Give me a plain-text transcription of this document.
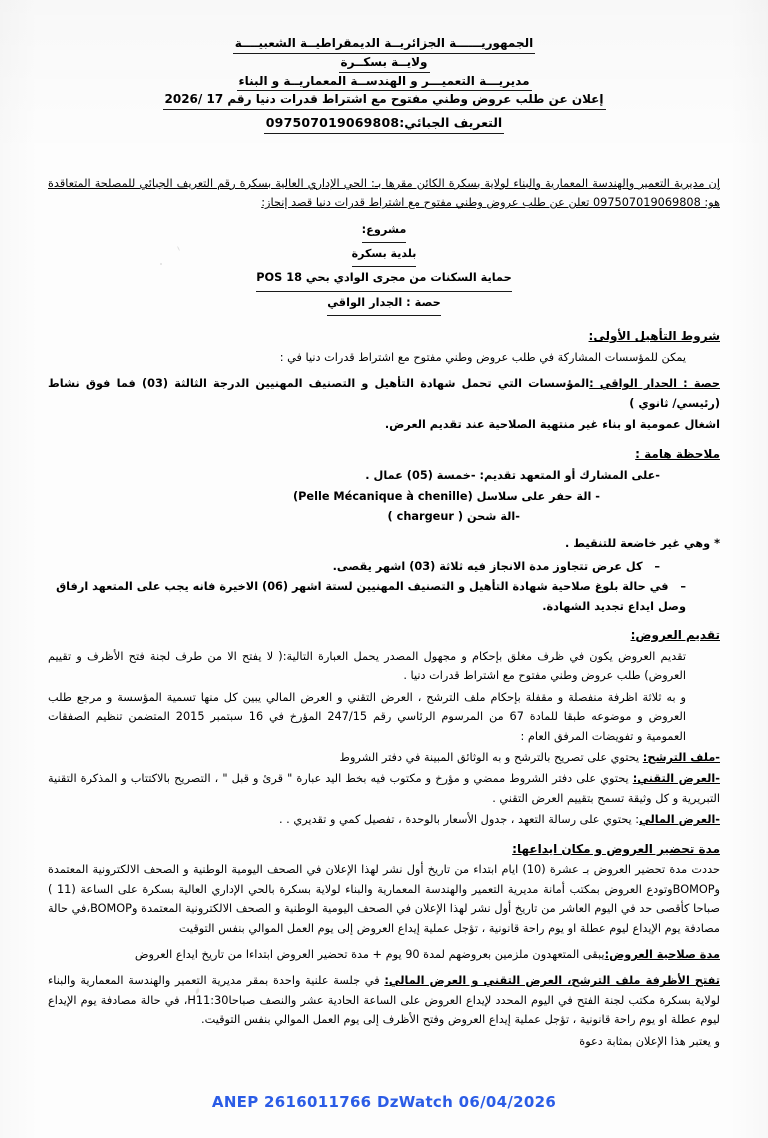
الجمهوريــــــة الجزائريــة الديمقراطيــة الشعبيــــة
ولايــة بسكــرة
مديريـــة التعميـــر و الهندســة المعماريــة و البناء
إعلان عن طلب عروض وطني مفتوح مع اشتراط قدرات دنيا رقم 17 /2026
التعريف الجبائي:097507019069808

إن مديرية التعمير والهندسة المعمارية والبناء لولاية بسكرة الكائن مقرها بـ: الحي الإداري العالية بسكرة رقم التعريف الجبائي للمصلحة المتعاقدة هو: 097507019069808 تعلن عن طلب عروض وطني مفتوح مع اشتراط قدرات دنيا قصد إنجاز:

مشروع:
بلدية بسكرة
حماية السكنات من مجرى الوادي بحي POS 18
حصة : الجدار الواقي
شروط التأهيل الأولى:

يمكن للمؤسسات المشاركة في طلب عروض وطني مفتوح مع اشتراط قدرات دنيا في :

حصة : الجدار الواقي :المؤسسات التي تحمل شهادة التأهيل و التصنيف المهنيين الدرجة الثالثة (03) فما فوق نشاط (رئيسي/ ثانوي )

اشغال عمومية او بناء غير منتهية الصلاحية عند تقديم العرض.

ملاحظة هامة :
-على المشارك أو المتعهد تقديم: -خمسة (05) عمال .
- الة حفر على سلاسل (Pelle Mécanique à chenille)
-الة شحن ( chargeur )

* وهي غير خاضعة للتنقيط .

–   كل عرض تتجاوز مدة الانجاز فيه ثلاثة (03) اشهر يقصى.
–   في حالة بلوغ صلاحية شهادة التأهيل و التصنيف المهنيين لستة اشهر (06) الاخيرة فانه يجب على المتعهد ارفاق وصل ايداع تجديد الشهادة.
تقديم العروض:

تقديم العروض يكون في ظرف مغلق بإحكام و مجهول المصدر يحمل العبارة التالية:( لا يفتح الا من طرف لجنة فتح الأظرف و تقييم العروض) طلب عروض وطني مفتوح مع اشتراط قدرات دنيا .

و به ثلاثة اظرفة منفصلة و مقفلة بإحكام ملف الترشح ، العرض التقني و العرض المالي يبين كل منها تسمية المؤسسة و مرجع طلب العروض و موضوعه طبقا للمادة 67 من المرسوم الرئاسي رقم 247/15 المؤرخ في 16 سبتمبر 2015 المتضمن تنظيم الصفقات العمومية و تفويضات المرفق العام :

-ملف الترشح: يحتوي على تصريح بالترشح و به الوثائق المبينة في دفتر الشروط

-العرض التقني: يحتوي على دفتر الشروط ممضي و مؤرخ و مكتوب فيه بخط اليد عبارة " قرئ و قبل " ، التصريح بالاكتتاب و المذكرة التقنية التبريرية و كل وثيقة تسمح بتقييم العرض التقني .

-العرض المالي: يحتوي على رسالة التعهد ، جدول الأسعار بالوحدة ، تفصيل كمي و تقديري . .

مدة تحضير العروض و مكان ايداعها:

حددت مدة تحضير العروض بـ عشرة (10) ايام ابتداء من تاريخ أول نشر لهذا الإعلان في الصحف اليومية الوطنية و الصحف الالكترونية المعتمدة وBOMOPوتودع العروض بمكتب أمانة مديرية التعمير والهندسة المعمارية والبناء لولاية بسكرة بالحي الإداري العالية بسكرة على الساعة (11 ) صباحا كأقصى حد في اليوم العاشر من تاريخ أول نشر لهذا الإعلان في الصحف اليومية الوطنية و الصحف الالكترونية المعتمدة وBOMOP،في حالة مصادفة يوم الإيداع ليوم عطلة او يوم راحة قانونية ، تؤجل عملية إيداع العروض إلى يوم العمل الموالي بنفس التوقيت

مدة صلاحية العروض:يبقى المتعهدون ملزمين بعروضهم لمدة 90 يوم + مدة تحضير العروض ابتداءا من تاريخ ايداع العروض

تفتح الأظرفة ملف الترشح، العرض التقني و العرض المالي: في جلسة علنية واحدة بمقر مديرية التعمير والهندسة المعمارية والبناء لولاية بسكرة مكتب لجنة الفتح في اليوم المحدد لإيداع العروض على الساعة الحادية عشر والنصف صباحاH11:30، في حالة مصادفة يوم الإيداع ليوم عطلة او يوم راحة قانونية ، تؤجل عملية إيداع العروض وفتح الأظرف إلى يوم العمل الموالي بنفس التوقيت.

و يعتبر هذا الإعلان بمثابة دعوة

ANEP 2616011766 DzWatch 06/04/2026
